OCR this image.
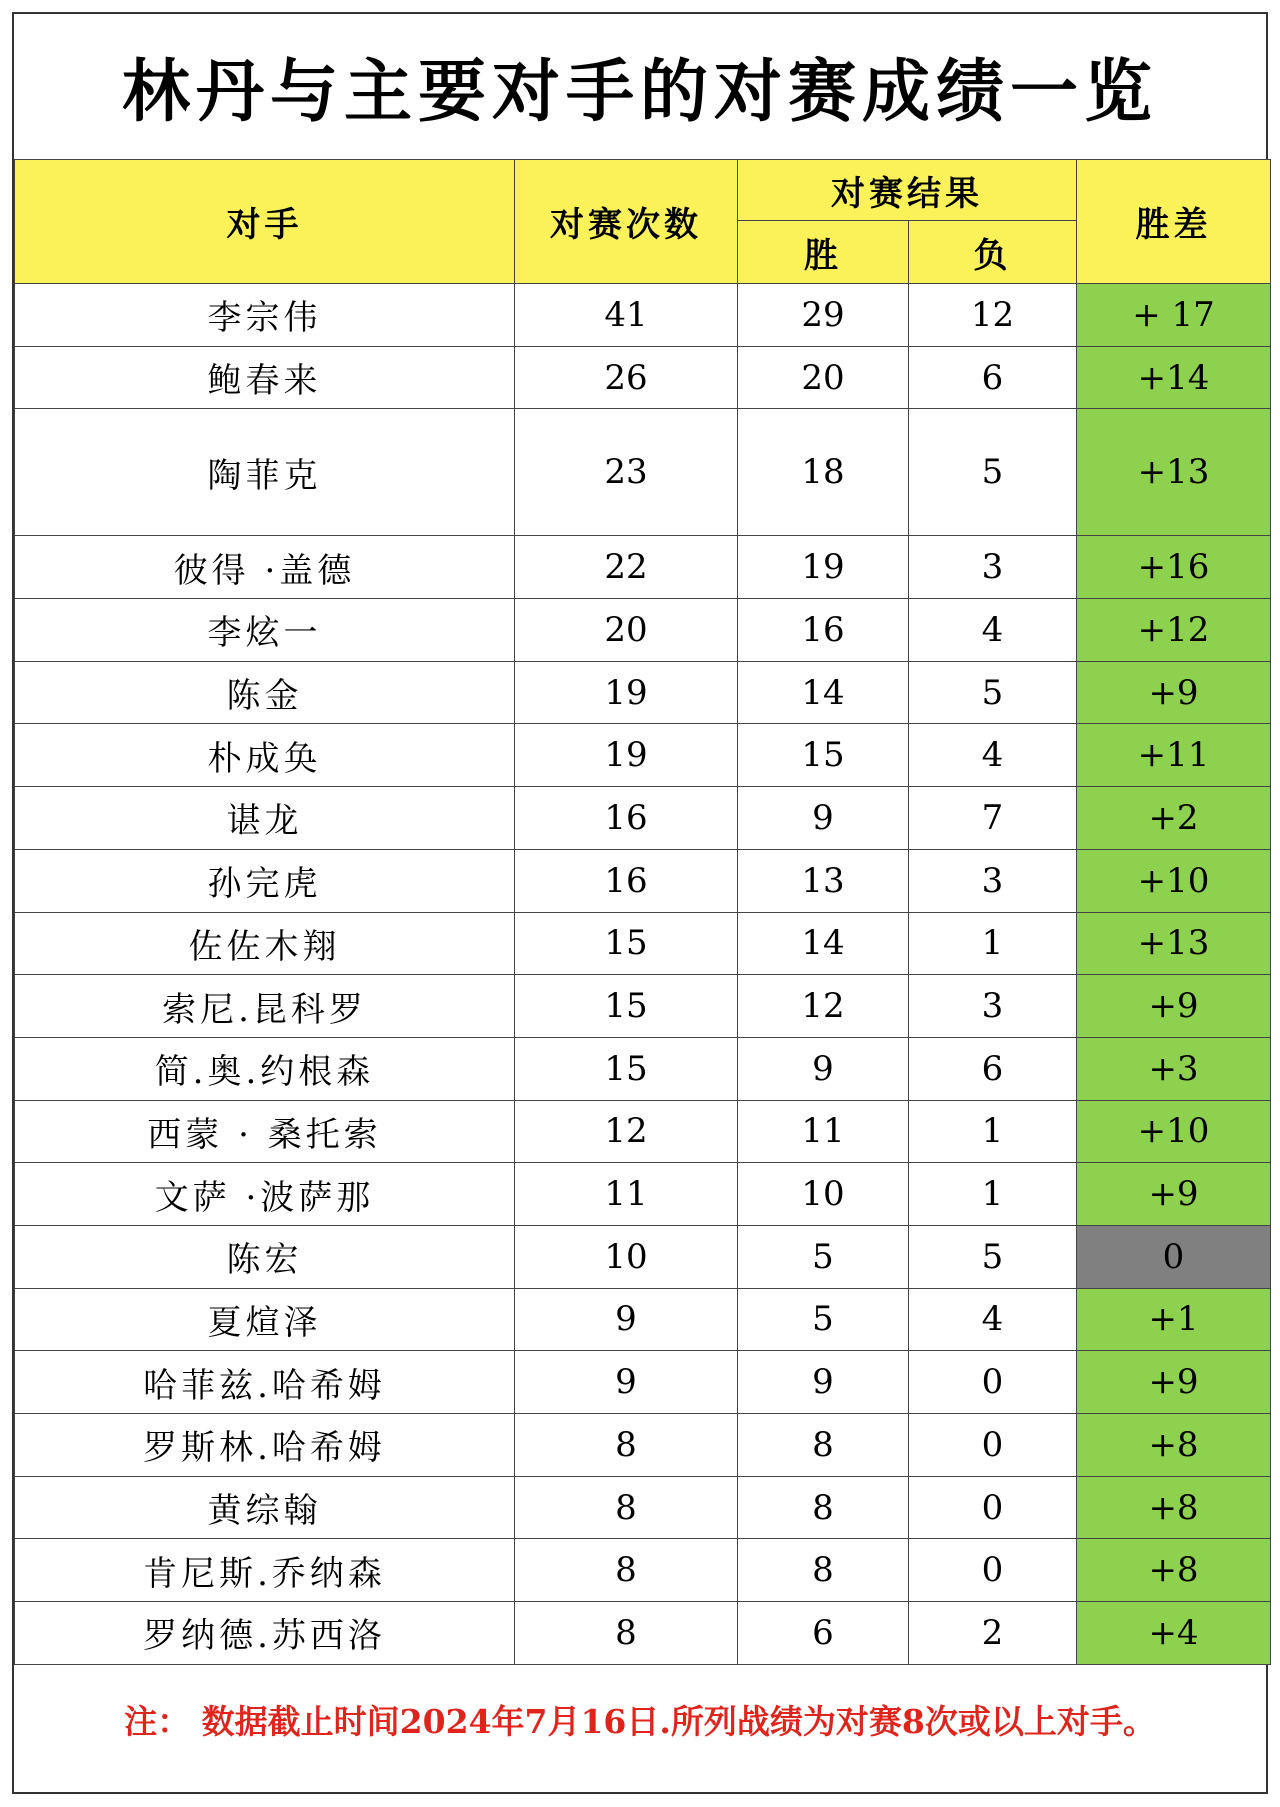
林丹与主要对手的对赛成绩一览
对手	对赛次数	对赛结果		胜差
		胜	负	
李宗伟	41	29	12	+ 17
鲍春来	26	20	6	+14
陶菲克	23	18	5	+13
彼得 ·盖德	22	19	3	+16
李炫一	20	16	4	+12
陈金	19	14	5	+9
朴成奂	19	15	4	+11
谌龙	16	9	7	+2
孙完虎	16	13	3	+10
佐佐木翔	15	14	1	+13
索尼.昆科罗	15	12	3	+9
简.奥.约根森	15	9	6	+3
西蒙 · 桑托索	12	11	1	+10
文萨 ·波萨那	11	10	1	+9
陈宏	10	5	5	0
夏煊泽	9	5	4	+1
哈菲兹.哈希姆	9	9	0	+9
罗斯林.哈希姆	8	8	0	+8
黄综翰	8	8	0	+8
肯尼斯.乔纳森	8	8	0	+8
罗纳德.苏西洛	8	6	2	+4
注： 数据截止时间2024年7月16日.所列战绩为对赛8次或以上对手。
